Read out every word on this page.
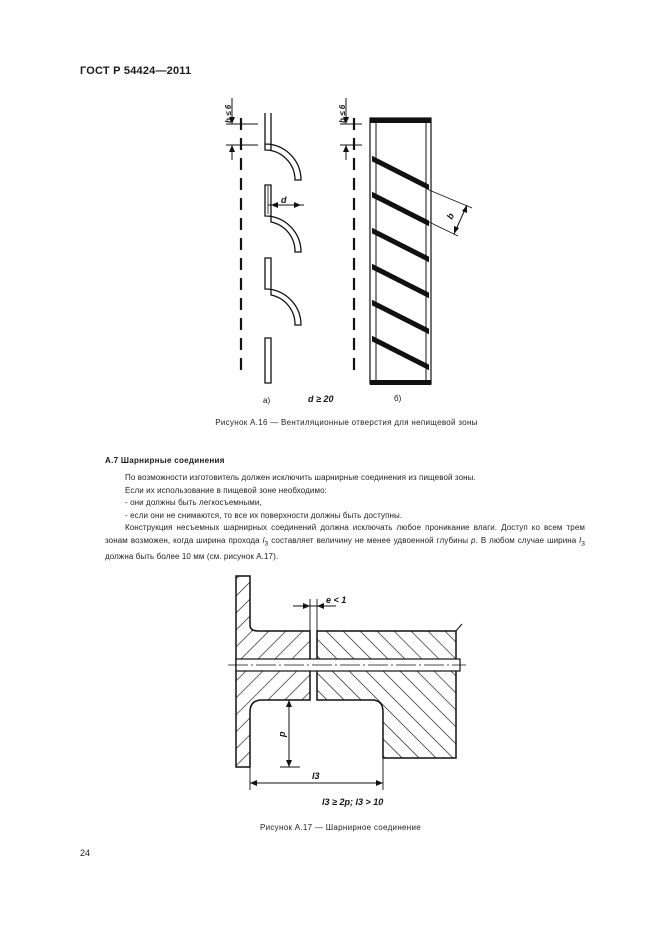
ГОСТ Р 54424—2011
b ≤ 6
d
b ≤ 6
b
а)	d ≥ 20	б)
Рисунок А.16 — Вентиляционные отверстия для непищевой зоны
А.7 Шарнирные соединения

По возможности изготовитель должен исключить шарнирные соединения из пищевой зоны.

Если их использование в пищевой зоне необходимо:

- они должны быть легкосъемными,

- если они не снимаются, то все их поверхности должны быть доступны.

Конструкция несъемных шарнирных соединений должна исключать любое проникание влаги. Доступ ко всем трем зонам возможен, когда ширина прохода $l_3$ составляет величину не менее удвоенной глубины p. В любом случае ширина $l_3$ должна быть более 10 мм (см. рисунок А.17).

e < 1
p
l3
l3 ≥ 2p; l3 > 10
Рисунок А.17 — Шарнирное соединение
24
